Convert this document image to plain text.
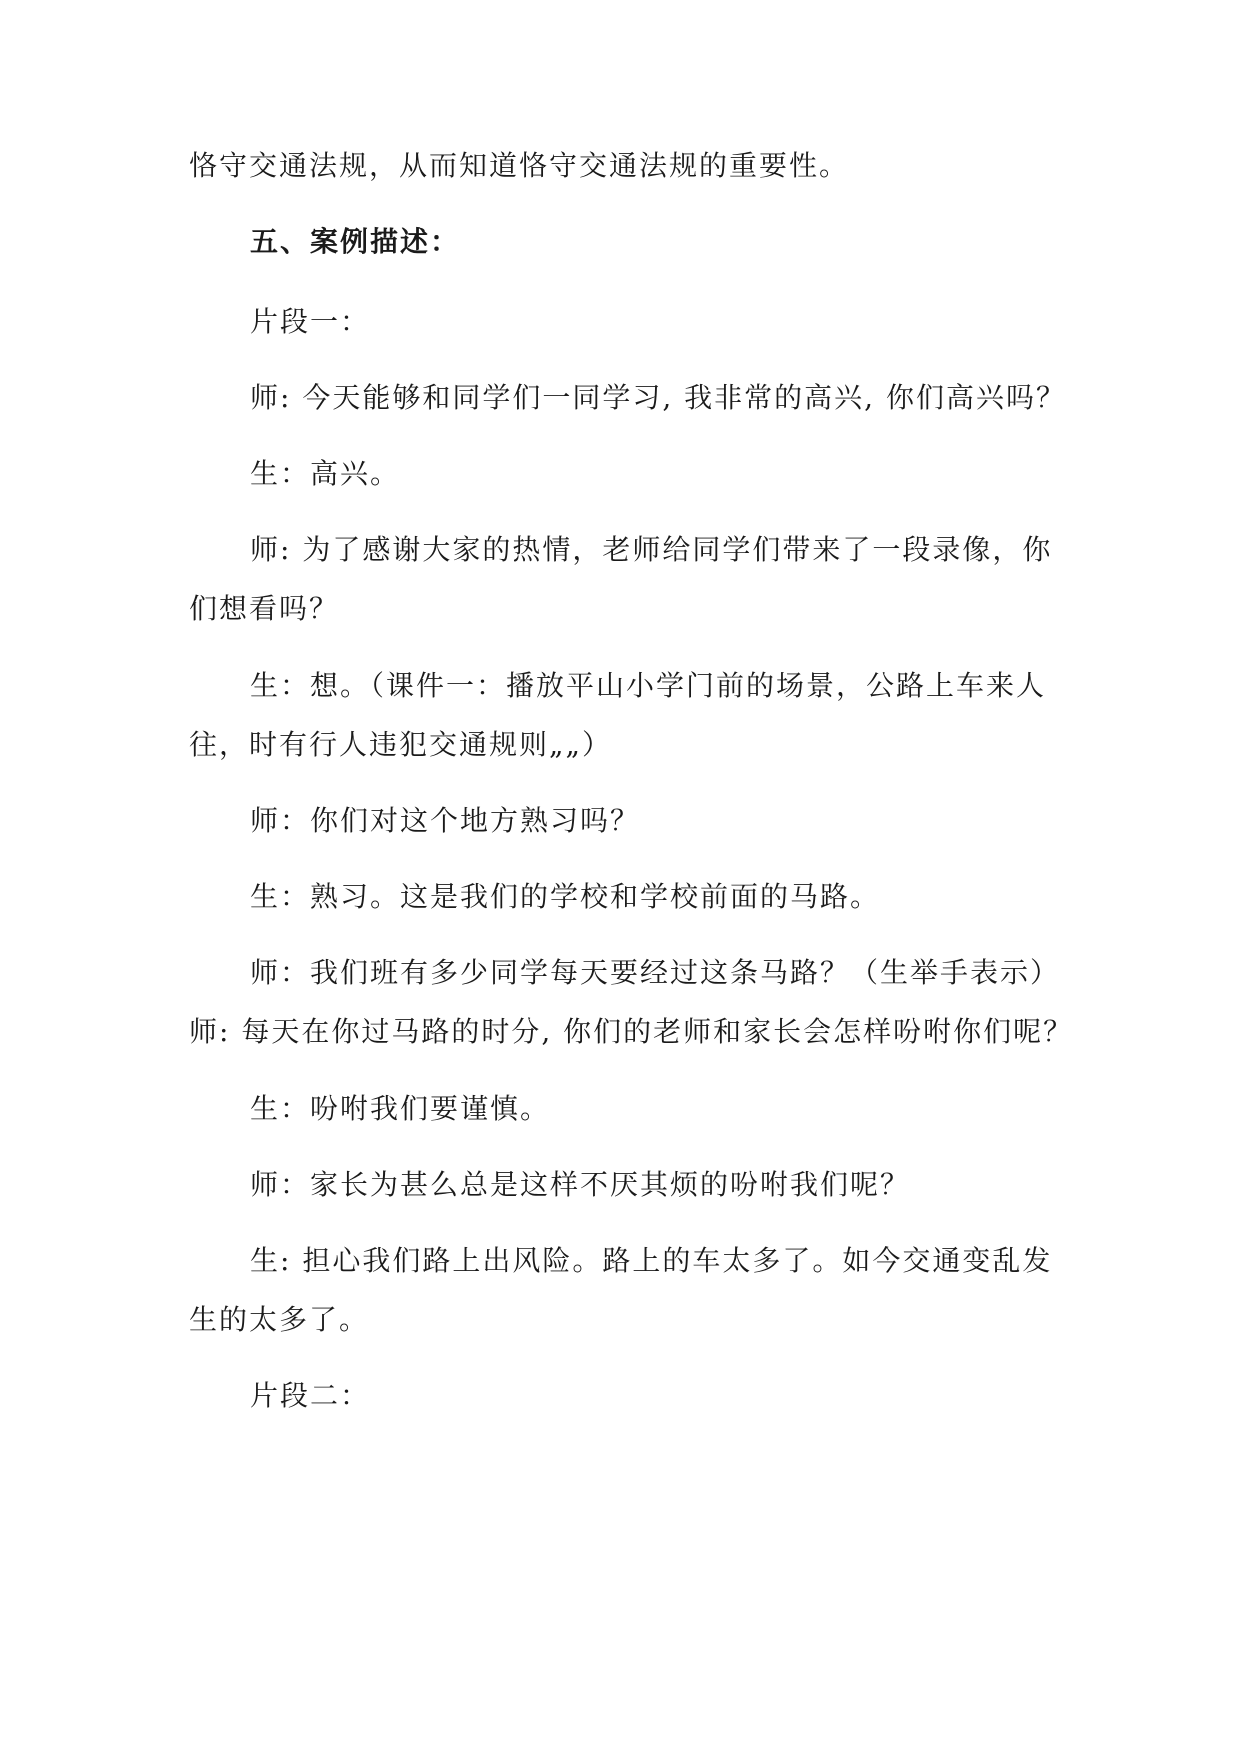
恪守交通法规，从而知道恪守交通法规的重要性。
五、案例描述：
片段一：
师: 今天能够和同学们一同学习, 我非常的高兴, 你们高兴吗？
生：高兴。
师: 为了感谢大家的热情，老师给同学们带来了一段录像，你
们想看吗？
生：想。（课件一：播放平山小学门前的场景，公路上车来人
往，时有行人违犯交通规则„„）
师：你们对这个地方熟习吗？
生：熟习。这是我们的学校和学校前面的马路。
师：我们班有多少同学每天要经过这条马路？（生举手表示）
师: 每天在你过马路的时分, 你们的老师和家长会怎样吩咐你们呢？
生：吩咐我们要谨慎。
师：家长为甚么总是这样不厌其烦的吩咐我们呢？
生: 担心我们路上出风险。路上的车太多了。如今交通变乱发
生的太多了。
片段二：
